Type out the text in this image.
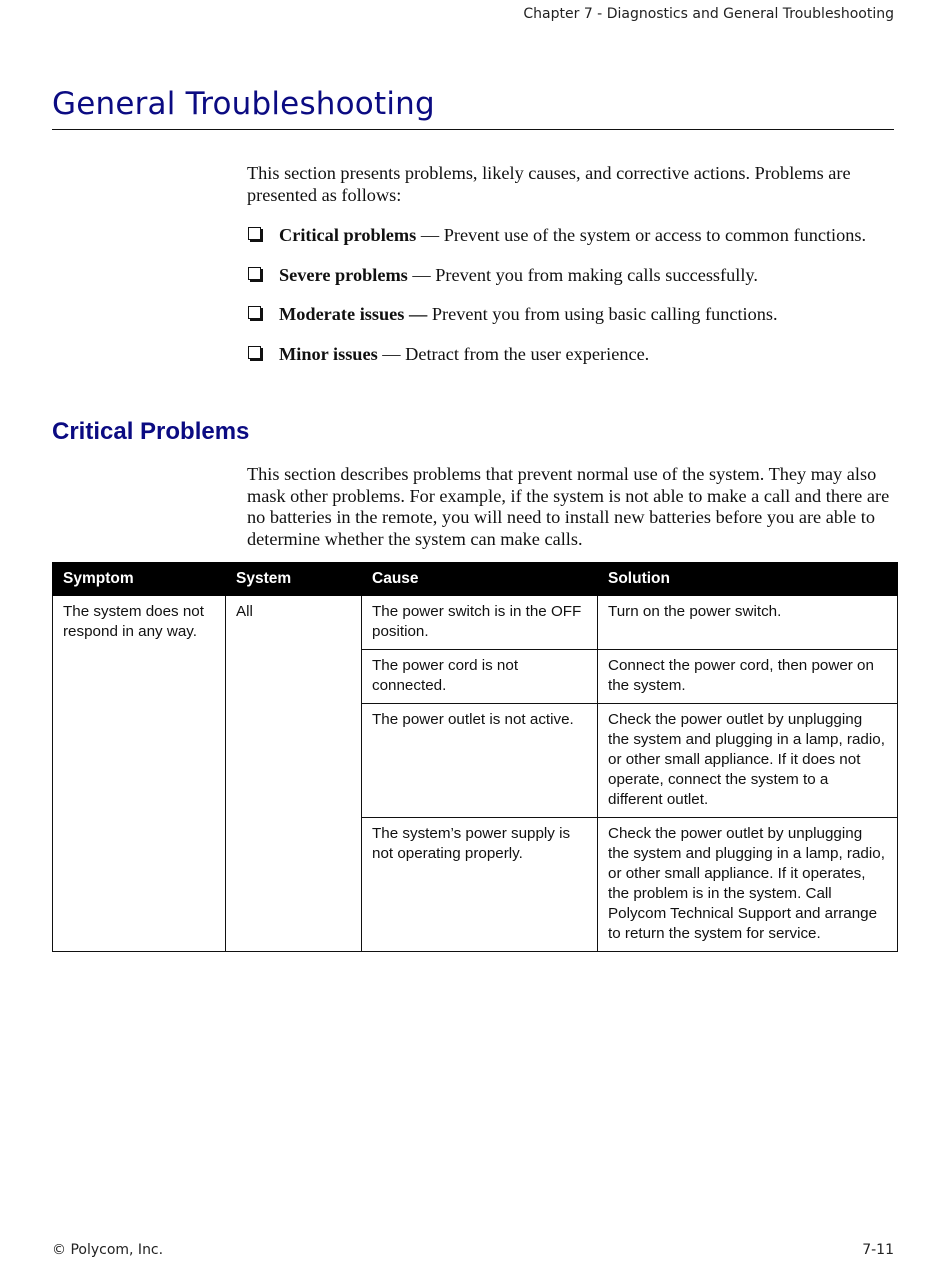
Chapter 7 - Diagnostics and General Troubleshooting
General Troubleshooting

This section presents problems, likely causes, and corrective actions. Problems are presented as follows:

Critical problems — Prevent use of the system or access to common functions.
Severe problems — Prevent you from making calls successfully.
Moderate issues — Prevent you from using basic calling functions.
Minor issues — Detract from the user experience.
Critical Problems

This section describes problems that prevent normal use of the system. They may also mask other problems. For example, if the system is not able to make a call and there are no batteries in the remote, you will need to install new batteries before you are able to determine whether the system can make calls.

Symptom	System	Cause	Solution
The system does not respond in any way.	All	The power switch is in the OFF position.	Turn on the power switch.
		The power cord is not connected.	Connect the power cord, then power on the system.
		The power outlet is not active.	Check the power outlet by unplugging the system and plugging in a lamp, radio, or other small appliance. If it does not operate, connect the system to a different outlet.
		The system’s power supply is not operating properly.	Check the power outlet by unplugging the system and plugging in a lamp, radio, or other small appliance. If it operates, the problem is in the system. Call Polycom Technical Support and arrange to return the system for service.
© Polycom, Inc.	7-11
